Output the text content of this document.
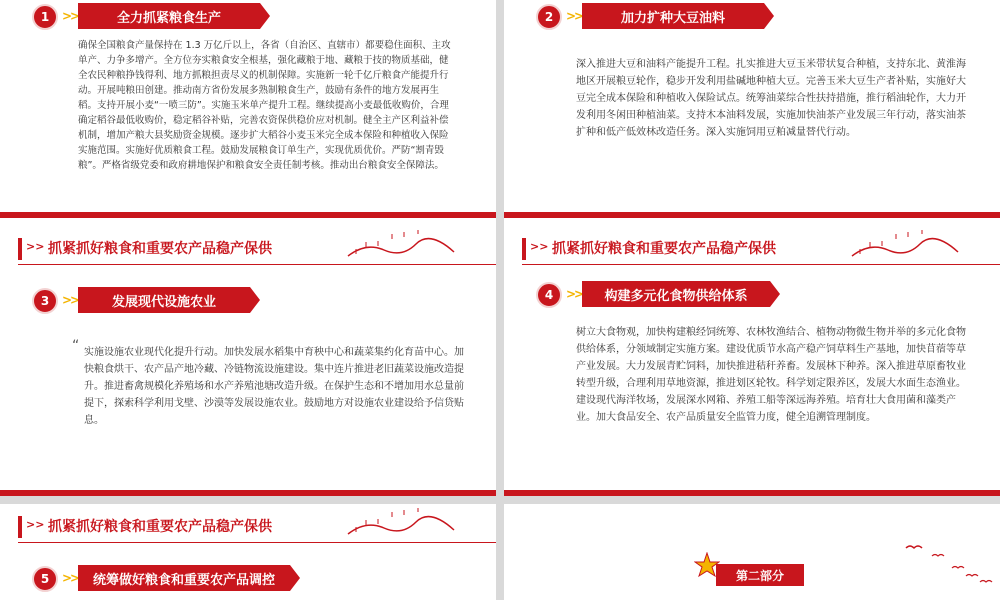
1	>>	全力抓紧粮食生产
确保全国粮食产量保持在 1.3 万亿斤以上，各省（自治区、直辖市）都要稳住面积、主攻单产、力争多增产。全方位夯实粮食安全根基，强化藏粮于地、藏粮于技的物质基础，健全农民种粮挣钱得利、地方抓粮担责尽义的机制保障。实施新一轮千亿斤粮食产能提升行动。开展吨粮田创建。推动南方省份发展多熟制粮食生产，鼓励有条件的地方发展再生稻。支持开展小麦“一喷三防”。实施玉米单产提升工程。继续提高小麦最低收购价，合理确定稻谷最低收购价，稳定稻谷补贴，完善农资保供稳价应对机制。健全主产区利益补偿机制，增加产粮大县奖励资金规模。逐步扩大稻谷小麦玉米完全成本保险和种植收入保险实施范围。实施好优质粮食工程。鼓励发展粮食订单生产，实现优质优价。严防“割青毁粮”。严格省级党委和政府耕地保护和粮食安全责任制考核。推动出台粮食安全保障法。
2	>>	加力扩种大豆油料
深入推进大豆和油料产能提升工程。扎实推进大豆玉米带状复合种植，支持东北、黄淮海地区开展粮豆轮作，稳步开发利用盐碱地种植大豆。完善玉米大豆生产者补贴，实施好大豆完全成本保险和种植收入保险试点。统筹油菜综合性扶持措施，推行稻油轮作，大力开发利用冬闲田种植油菜。支持木本油料发展，实施加快油茶产业发展三年行动，落实油茶扩种和低产低效林改造任务。深入实施饲用豆粕减量替代行动。
>> 抓紧抓好粮食和重要农产品稳产保供
3	>>	发展现代设施农业
“ 实施设施农业现代化提升行动。加快发展水稻集中育秧中心和蔬菜集约化育苗中心。加快粮食烘干、农产品产地冷藏、冷链物流设施建设。集中连片推进老旧蔬菜设施改造提升。推进畜禽规模化养殖场和水产养殖池塘改造升级。在保护生态和不增加用水总量前提下，探索科学利用戈壁、沙漠等发展设施农业。鼓励地方对设施农业建设给予信贷贴息。
>> 抓紧抓好粮食和重要农产品稳产保供
4	>>	构建多元化食物供给体系
树立大食物观，加快构建粮经饲统筹、农林牧渔结合、植物动物微生物并举的多元化食物供给体系，分领域制定实施方案。建设优质节水高产稳产饲草料生产基地，加快苜蓿等草产业发展。大力发展青贮饲料，加快推进秸秆养畜。发展林下种养。深入推进草原畜牧业转型升级，合理利用草地资源，推进划区轮牧。科学划定限养区，发展大水面生态渔业。建设现代海洋牧场，发展深水网箱、养殖工船等深远海养殖。培育壮大食用菌和藻类产业。加大食品安全、农产品质量安全监管力度，健全追溯管理制度。
>> 抓紧抓好粮食和重要农产品稳产保供
5	>>	统筹做好粮食和重要农产品调控	第二部分
